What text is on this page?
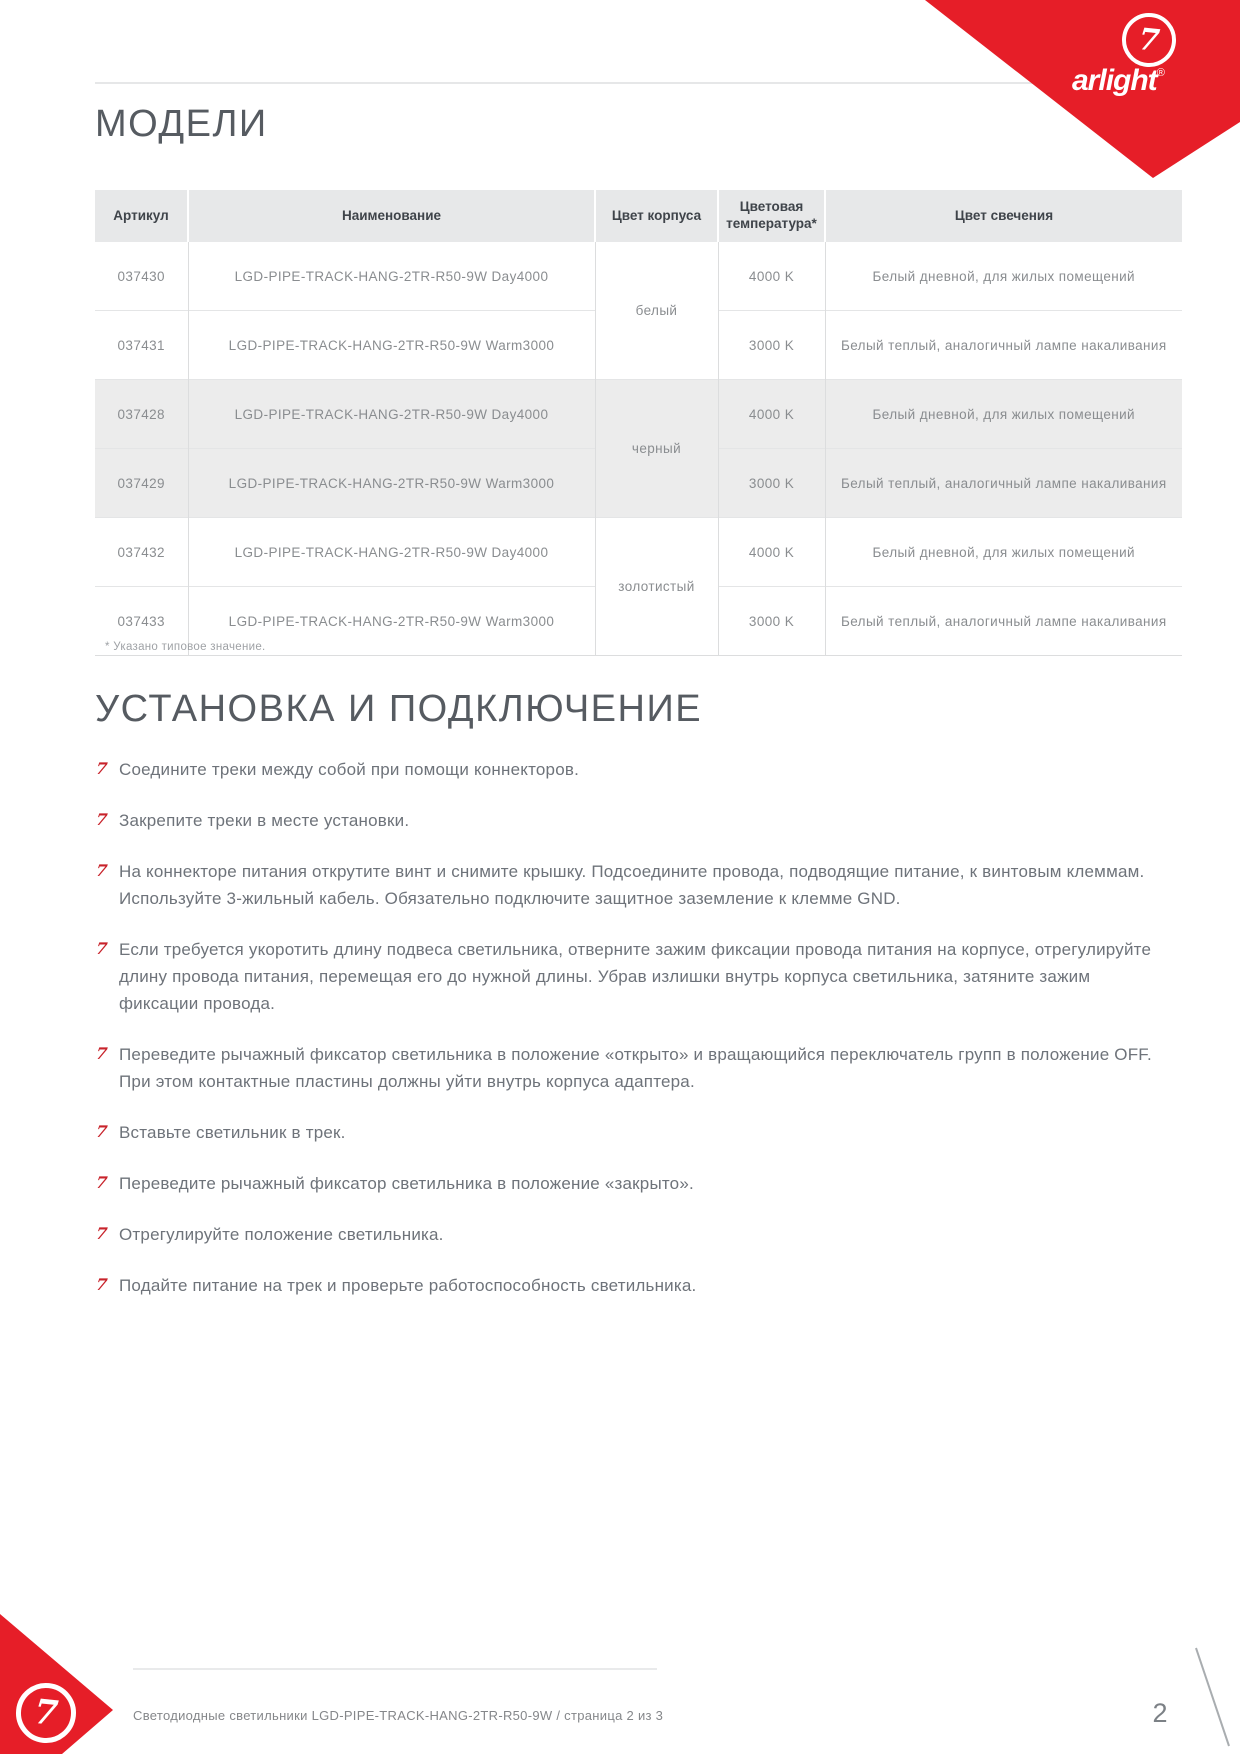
7
arlight®
МОДЕЛИ
Артикул	Наименование	Цвет корпуса	Цветовая температура*	Цвет свечения
037430	LGD-PIPE-TRACK-HANG-2TR-R50-9W Day4000	белый	4000 K	Белый дневной, для жилых помещений
037431	LGD-PIPE-TRACK-HANG-2TR-R50-9W Warm3000		3000 K	Белый теплый, аналогичный лампе накаливания
037428	LGD-PIPE-TRACK-HANG-2TR-R50-9W Day4000	черный	4000 K	Белый дневной, для жилых помещений
037429	LGD-PIPE-TRACK-HANG-2TR-R50-9W Warm3000		3000 K	Белый теплый, аналогичный лампе накаливания
037432	LGD-PIPE-TRACK-HANG-2TR-R50-9W Day4000	золотистый	4000 K	Белый дневной, для жилых помещений
037433	LGD-PIPE-TRACK-HANG-2TR-R50-9W Warm3000		3000 K	Белый теплый, аналогичный лампе накаливания
* Указано типовое значение.
УСТАНОВКА И ПОДКЛЮЧЕНИЕ
7 Соедините треки между собой при помощи коннекторов.
7 Закрепите треки в месте установки.
7 На коннекторе питания открутите винт и снимите крышку. Подсоедините провода, подводящие питание, к винтовым клеммам. Используйте 3-жильный кабель. Обязательно подключите защитное заземление к клемме GND.
7 Если требуется укоротить длину подвеса светильника, отверните зажим фиксации провода питания на корпусе, отрегулируйте длину провода питания, перемещая его до нужной длины. Убрав излишки внутрь корпуса светильника, затяните зажим фиксации провода.
7 Переведите рычажный фиксатор светильника в положение «открыто» и вращающийся переключатель групп в положение OFF. При этом контактные пластины должны уйти внутрь корпуса адаптера.
7 Вставьте светильник в трек.
7 Переведите рычажный фиксатор светильника в положение «закрыто».
7 Отрегулируйте положение светильника.
7 Подайте питание на трек и проверьте работоспособность светильника.
Светодиодные светильники LGD-PIPE-TRACK-HANG-2TR-R50-9W / страница 2 из 3	2
7
